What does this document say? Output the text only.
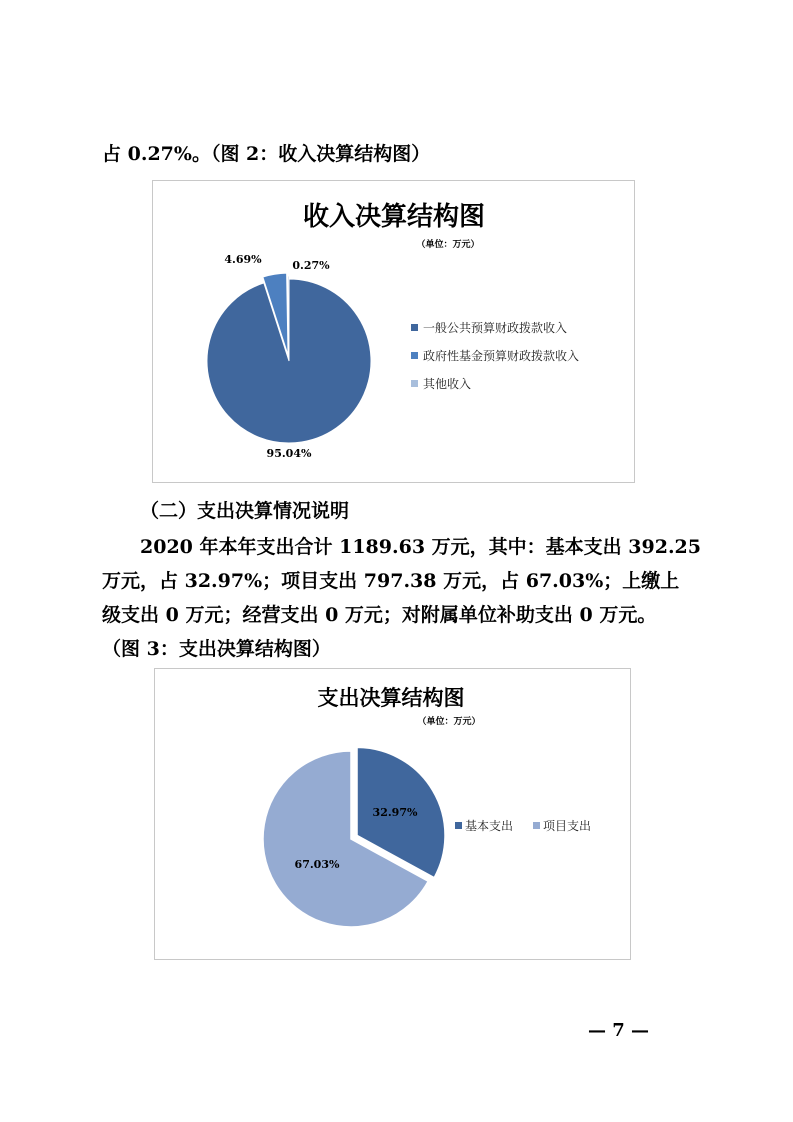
占 0.27%。（图 2：收入决算结构图）
收入决算结构图
（单位：万元）
4.69%	0.27%
95.04%
一般公共预算财政拨款收入
政府性基金预算财政拨款收入
其他收入
（二）支出决算情况说明
2020 年本年支出合计 1189.63 万元，其中：基本支出 392.25
万元，占 32.97%；项目支出 797.38 万元，占 67.03%；上缴上
级支出 0 万元；经营支出 0 万元；对附属单位补助支出 0 万元。
（图 3：支出决算结构图）
支出决算结构图
（单位：万元）
32.97%
67.03%
基本支出 项目支出
— 7 —
